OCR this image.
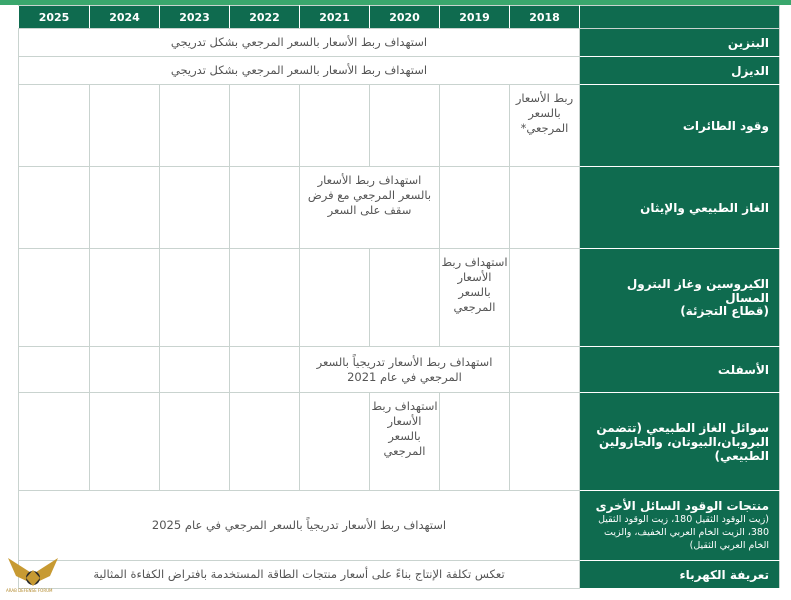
2025	2024	2023	2022	2021	2020	2019	2018	
استهداف ربط الأسعار بالسعر المرجعي بشكل تدريجي								البنزين
استهداف ربط الأسعار بالسعر المرجعي بشكل تدريجي								الديزل
							ربط الأسعار بالسعر المرجعي*	وقود الطائرات
				استهداف ربط الأسعار بالسعر المرجعي مع فرض سقف على السعر				الغاز الطبيعي والإيثان
						استهداف ربط الأسعار بالسعر المرجعي		الكيروسين وغاز البترول المسال
(قطاع التجزئة)

				استهداف ربط الأسعار تدريجياً بالسعر المرجعي في عام 2021				الأسفلت
					استهداف ربط الأسعار بالسعر المرجعي			سوائل الغاز الطبيعي (تتضمن البروبان،البيوتان، والجازولين الطبيعي)
استهداف ربط الأسعار تدريجياً بالسعر المرجعي في عام 2025								منتجات الوقود السائل الأخرى
(زيت الوقود الثقيل 180، زيت الوقود الثقيل 380، الزيت الخام العربي الخفيف، والزيت الخام العربي الثقيل)

تعكس تكلفة الإنتاج بناءً على أسعار منتجات الطاقة المستخدمة بافتراض الكفاءة المثالية								تعريفة الكهرباء
ARAB DEFENSE FORUM
